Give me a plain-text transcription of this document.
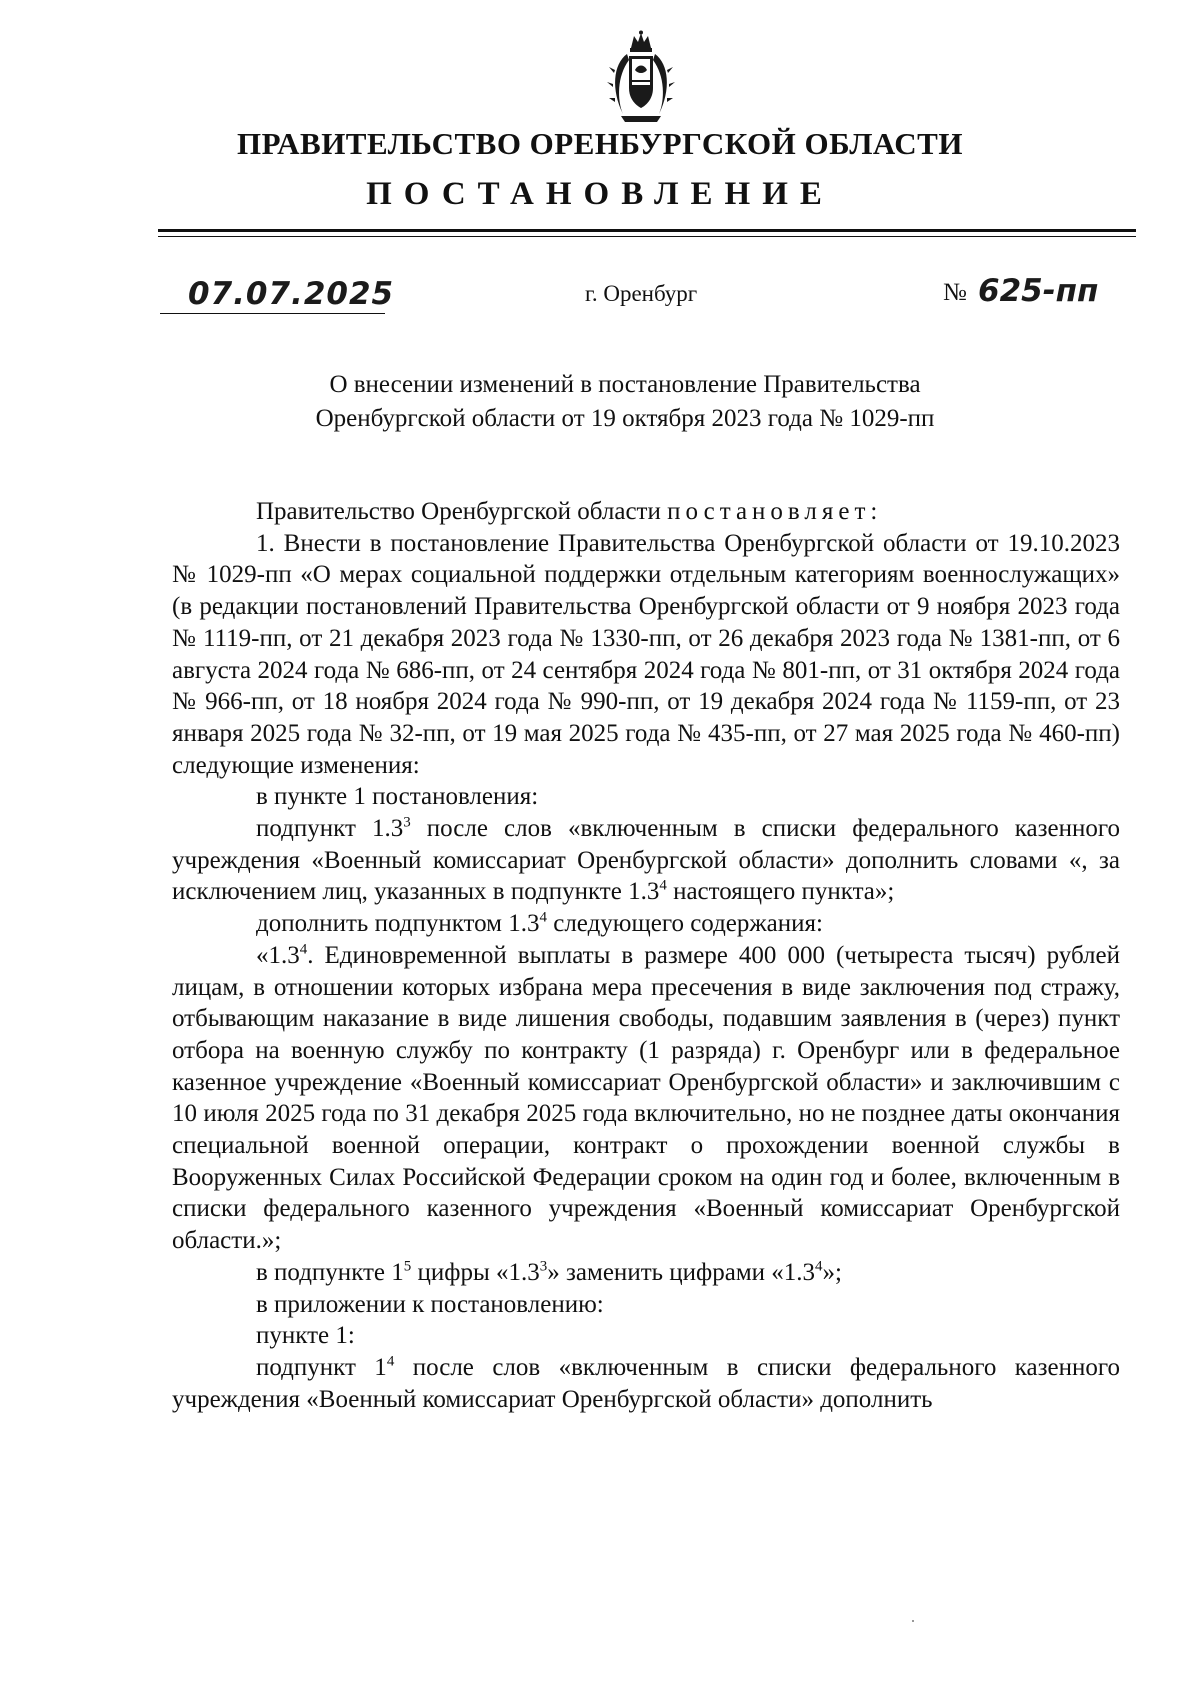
ПРАВИТЕЛЬСТВО ОРЕНБУРГСКОЙ ОБЛАСТИ
ПОСТАНОВЛЕНИЕ
07.07.2025	г. Оренбург	№ 625-пп
О внесении изменений в постановление Правительства
Оренбургской области от 19 октября 2023 года № 1029-пп

Правительство Оренбургской области постановляет:

1. Внести в постановление Правительства Оренбургской области от 19.10.2023 № 1029-пп «О мерах социальной поддержки отдельным категориям военнослужащих» (в редакции постановлений Правительства Оренбургской области от 9 ноября 2023 года № 1119-пп, от 21 декабря 2023 года № 1330-пп, от 26 декабря 2023 года № 1381-пп, от 6 августа 2024 года № 686-пп, от 24 сентября 2024 года № 801-пп, от 31 октября 2024 года № 966-пп, от 18 ноября 2024 года № 990-пп, от 19 декабря 2024 года № 1159-пп, от 23 января 2025 года № 32-пп, от 19 мая 2025 года № 435-пп, от 27 мая 2025 года № 460-пп) следующие изменения:

в пункте 1 постановления:

подпункт $1.3^3$ после слов «включенным в списки федерального казенного учреждения «Военный комиссариат Оренбургской области» дополнить словами «, за исключением лиц, указанных в подпункте $1.3^4$ настоящего пункта»;

дополнить подпунктом $1.3^4$ следующего содержания:

«$1.3^4$. Единовременной выплаты в размере 400 000 (четыреста тысяч) рублей лицам, в отношении которых избрана мера пресечения в виде заключения под стражу, отбывающим наказание в виде лишения свободы, подавшим заявления в (через) пункт отбора на военную службу по контракту (1 разряда) г. Оренбург или в федеральное казенное учреждение «Военный комиссариат Оренбургской области» и заключившим с 10 июля 2025 года по 31 декабря 2025 года включительно, но не позднее даты окончания специальной военной операции, контракт о прохождении военной службы в Вооруженных Силах Российской Федерации сроком на один год и более, включенным в списки федерального казенного учреждения «Военный комиссариат Оренбургской области.»;

в подпункте $1^5$ цифры «$1.3^3$» заменить цифрами «$1.3^4$»;

в приложении к постановлению:

пункте 1:

подпункт $1^4$ после слов «включенным в списки федерального казенного учреждения «Военный комиссариат Оренбургской области» дополнить
